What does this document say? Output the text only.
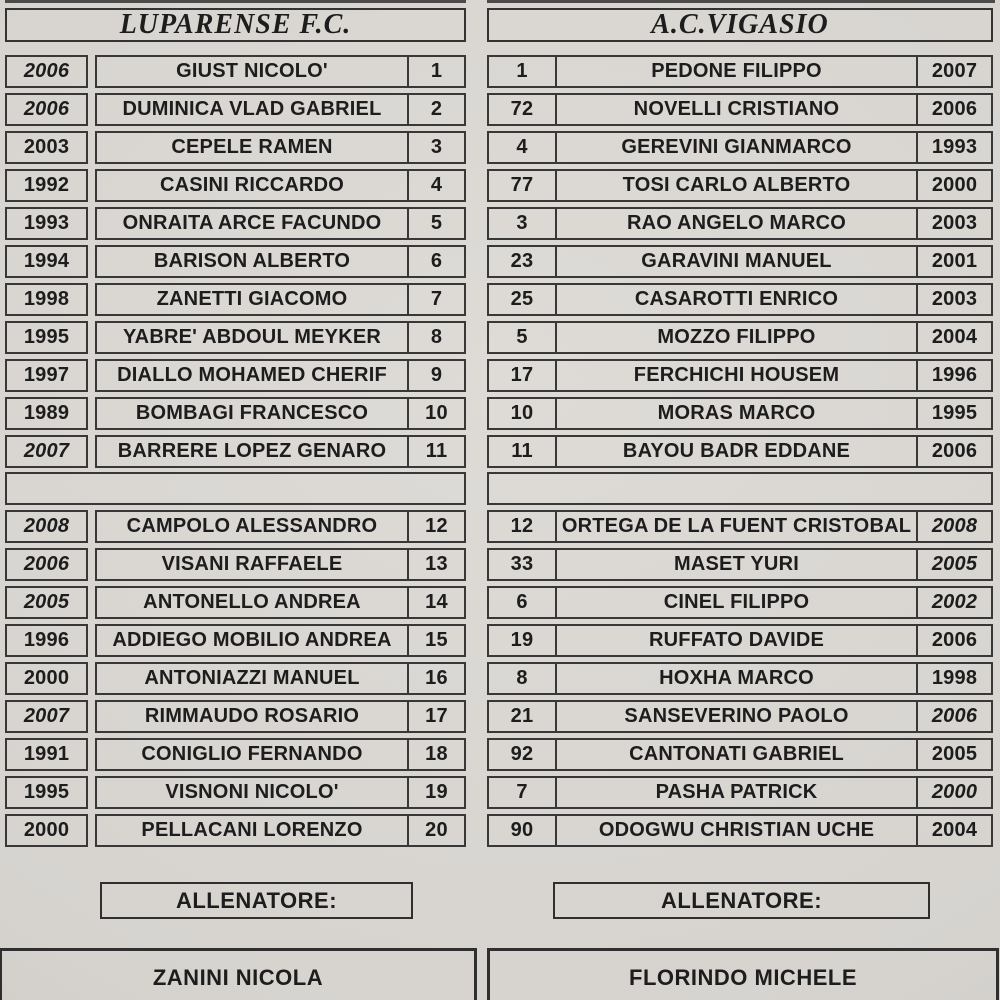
LUPARENSE F.C.
2006	GIUST NICOLO'	1
2006	DUMINICA VLAD GABRIEL	2
2003	CEPELE RAMEN	3
1992	CASINI RICCARDO	4
1993	ONRAITA ARCE FACUNDO	5
1994	BARISON ALBERTO	6
1998	ZANETTI GIACOMO	7
1995	YABRE' ABDOUL MEYKER	8
1997	DIALLO MOHAMED CHERIF	9
1989	BOMBAGI FRANCESCO	10
2007	BARRERE LOPEZ GENARO	11
2008	CAMPOLO ALESSANDRO	12
2006	VISANI RAFFAELE	13
2005	ANTONELLO ANDREA	14
1996	ADDIEGO MOBILIO ANDREA	15
2000	ANTONIAZZI MANUEL	16
2007	RIMMAUDO ROSARIO	17
1991	CONIGLIO FERNANDO	18
1995	VISNONI NICOLO'	19
2000	PELLACANI LORENZO	20
ALLENATORE:
ZANINI NICOLA
A.C.VIGASIO
1	PEDONE FILIPPO	2007
72	NOVELLI CRISTIANO	2006
4	GEREVINI GIANMARCO	1993
77	TOSI CARLO ALBERTO	2000
3	RAO ANGELO MARCO	2003
23	GARAVINI MANUEL	2001
25	CASAROTTI ENRICO	2003
5	MOZZO FILIPPO	2004
17	FERCHICHI HOUSEM	1996
10	MORAS MARCO	1995
11	BAYOU BADR EDDANE	2006
12	ORTEGA DE LA FUENT CRISTOBAL	2008
33	MASET YURI	2005
6	CINEL FILIPPO	2002
19	RUFFATO DAVIDE	2006
8	HOXHA MARCO	1998
21	SANSEVERINO PAOLO	2006
92	CANTONATI GABRIEL	2005
7	PASHA PATRICK	2000
90	ODOGWU CHRISTIAN UCHE	2004
ALLENATORE:
FLORINDO MICHELE
